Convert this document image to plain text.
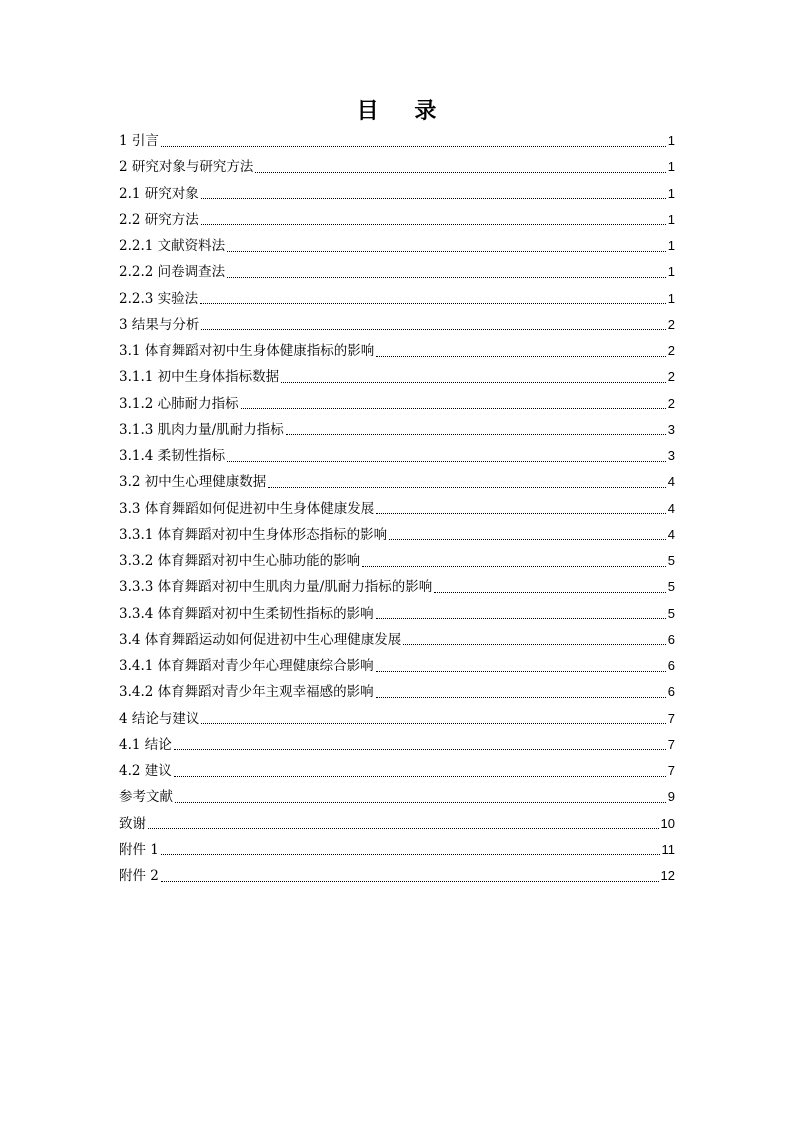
目 录
1 引言	1
2 研究对象与研究方法	1
2.1 研究对象	1
2.2 研究方法	1
2.2.1 文献资料法	1
2.2.2 问卷调查法	1
2.2.3 实验法	1
3 结果与分析	2
3.1 体育舞蹈对初中生身体健康指标的影响	2
3.1.1 初中生身体指标数据	2
3.1.2 心肺耐力指标	2
3.1.3 肌肉力量/肌耐力指标	3
3.1.4 柔韧性指标	3
3.2 初中生心理健康数据	4
3.3 体育舞蹈如何促进初中生身体健康发展	4
3.3.1 体育舞蹈对初中生身体形态指标的影响	4
3.3.2 体育舞蹈对初中生心肺功能的影响	5
3.3.3 体育舞蹈对初中生肌肉力量/肌耐力指标的影响	5
3.3.4 体育舞蹈对初中生柔韧性指标的影响	5
3.4 体育舞蹈运动如何促进初中生心理健康发展	6
3.4.1 体育舞蹈对青少年心理健康综合影响	6
3.4.2 体育舞蹈对青少年主观幸福感的影响	6
4 结论与建议	7
4.1 结论	7
4.2 建议	7
参考文献	9
致谢	10
附件 1	11
附件 2	12
